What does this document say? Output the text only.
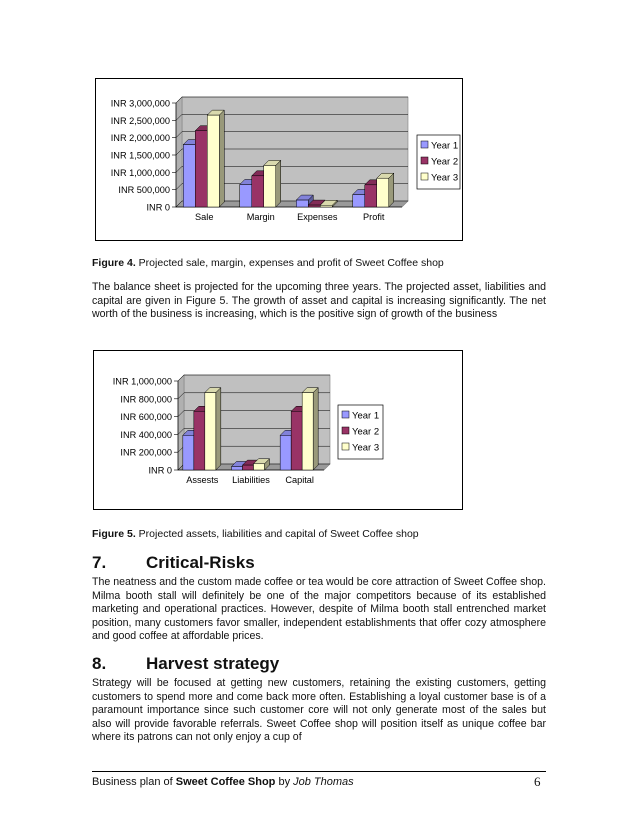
INR 0
INR 500,000
INR 1,000,000
INR 1,500,000
INR 2,000,000
INR 2,500,000
INR 3,000,000
Sale	Margin Expenses	Profit
Year 1
Year 2
Year 3
Figure 4. Projected sale, margin, expenses and profit of Sweet Coffee shop

The balance sheet is projected for the upcoming three years. The projected asset, liabilities and capital are given in Figure 5. The growth of asset and capital is increasing significantly. The net worth of the business is increasing, which is the positive sign of growth of the business

INR 0
INR 200,000
INR 400,000
INR 600,000
INR 800,000
INR 1,000,000
Assests Liabilities Capital
Year 1
Year 2
Year 3
Figure 5. Projected assets, liabilities and capital of Sweet Coffee shop
7. Critical-Risks

The neatness and the custom made coffee or tea would be core attraction of Sweet Coffee shop. Milma booth stall will definitely be one of the major competitors because of its established marketing and operational practices. However, despite of Milma booth stall entrenched market position, many customers favor smaller, independent establishments that offer cozy atmosphere and good coffee at affordable prices.

8. Harvest strategy

Strategy will be focused at getting new customers, retaining the existing customers, getting customers to spend more and come back more often. Establishing a loyal customer base is of a paramount importance since such customer core will not only generate most of the sales but also will provide favorable referrals. Sweet Coffee shop will position itself as unique coffee bar where its patrons can not only enjoy a cup of

Business plan of Sweet Coffee Shop by Job Thomas	6
